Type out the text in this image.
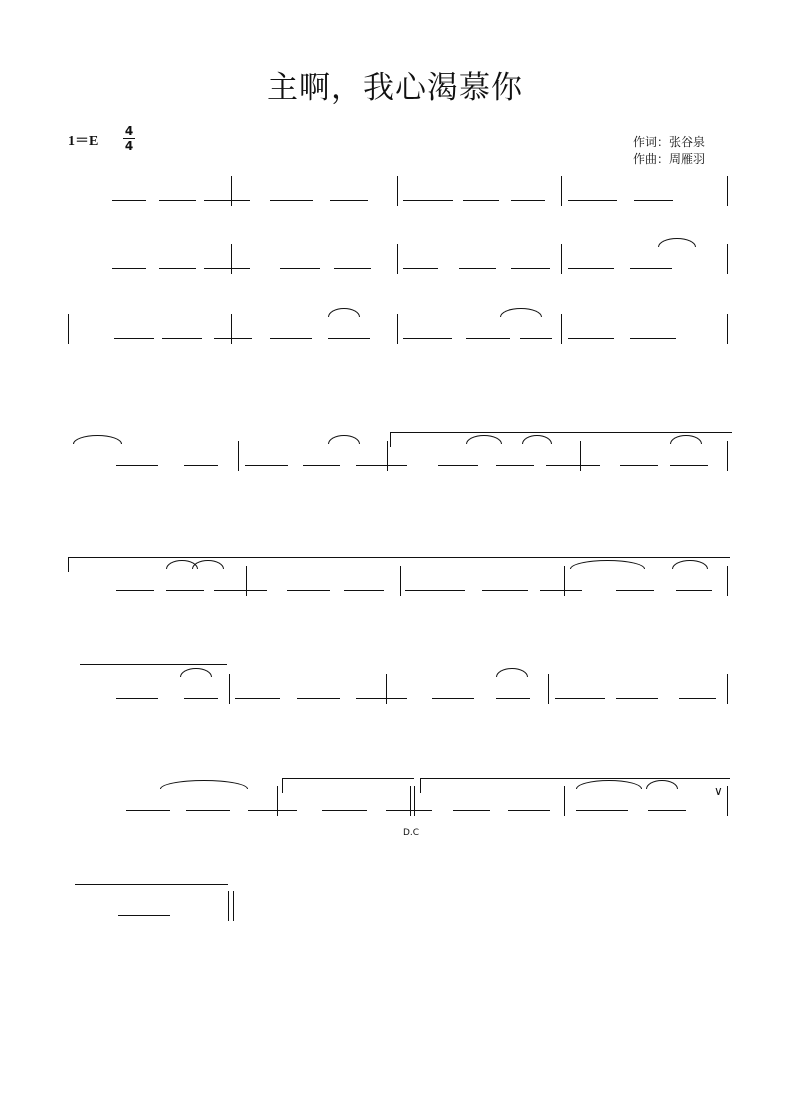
主啊，我心渴慕你
1＝E
4
4	作词：张谷泉
作曲：周雁羽
D.C
∨
